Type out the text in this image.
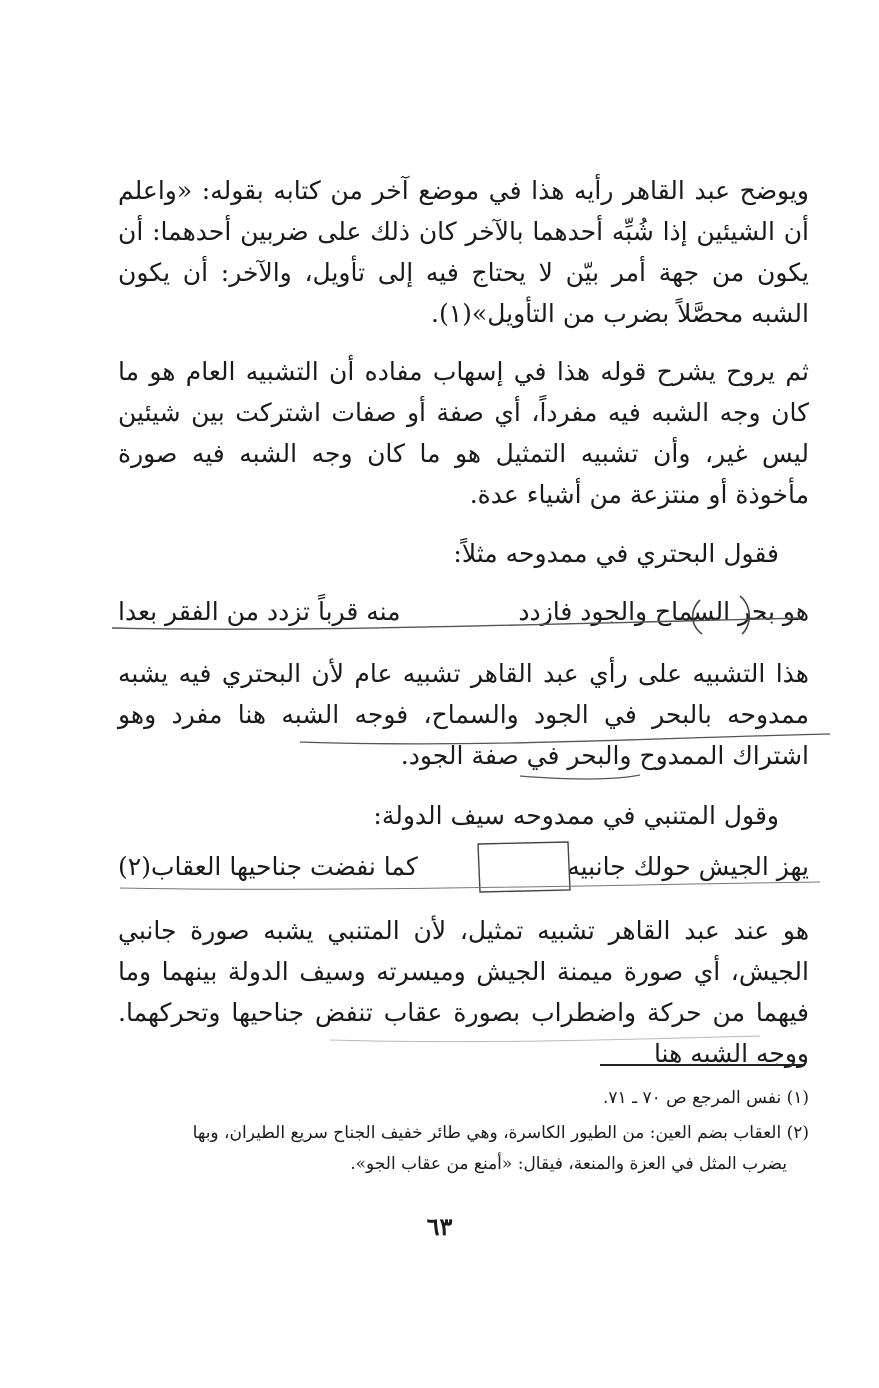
ويوضح عبد القاهر رأيه هذا في موضع آخر من كتابه بقوله: «واعلم أن الشيئين إذا شُبِّه أحدهما بالآخر كان ذلك على ضربين أحدهما: أن يكون من جهة أمر بيّن لا يحتاج فيه إلى تأويل، والآخر: أن يكون الشبه محصَّلاً بضرب من التأويل»(١).
ثم يروح يشرح قوله هذا في إسهاب مفاده أن التشبيه العام هو ما كان وجه الشبه فيه مفرداً، أي صفة أو صفات اشتركت بين شيئين ليس غير، وأن تشبيه التمثيل هو ما كان وجه الشبه فيه صورة مأخوذة أو منتزعة من أشياء عدة.
فقول البحتري في ممدوحه مثلاً:
هو بحر السماح والجود فازدد
منه قرباً تزدد من الفقر بعدا
هذا التشبيه على رأي عبد القاهر تشبيه عام لأن البحتري فيه يشبه ممدوحه بالبحر في الجود والسماح، فوجه الشبه هنا مفرد وهو اشتراك الممدوح والبحر في صفة الجود.
وقول المتنبي في ممدوحه سيف الدولة:
يهز الجيش حولك جانبيه
كما نفضت جناحيها العقاب(٢)
هو عند عبد القاهر تشبيه تمثيل، لأن المتنبي يشبه صورة جانبي الجيش، أي صورة ميمنة الجيش وميسرته وسيف الدولة بينهما وما فيهما من حركة واضطراب بصورة عقاب تنفض جناحيها وتحركهما. ووجه الشبه هنا
(١) نفس المرجع ص ٧٠ ـ ٧١.
(٢) العقاب بضم العين: من الطيور الكاسرة، وهي طائر خفيف الجناح سريع الطيران، وبها
يضرب المثل في العزة والمنعة، فيقال: «أمنع من عقاب الجو».
٦٣
